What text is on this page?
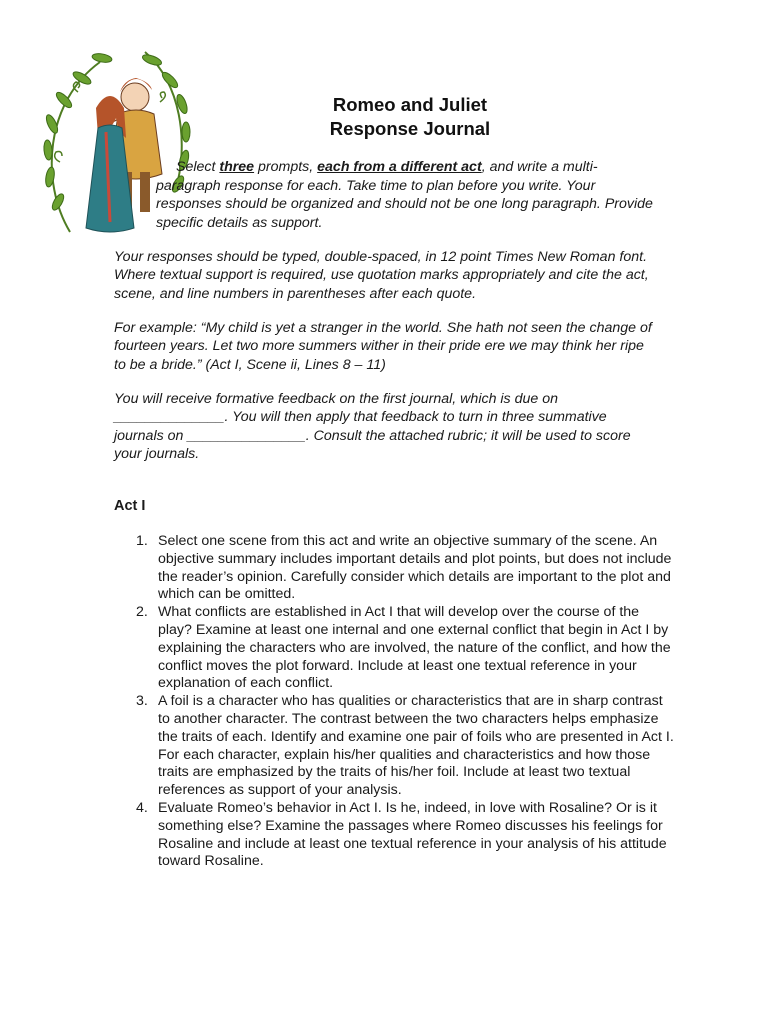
Romeo and Juliet
Response Journal
Select three prompts, each from a different act, and write a multi-
paragraph response for each. Take time to plan before you write. Your responses should be organized and should not be one long paragraph. Provide specific details as support.

Your responses should be typed, double-spaced, in 12 point Times New Roman font. Where textual support is required, use quotation marks appropriately and cite the act, scene, and line numbers in parentheses after each quote.

For example: “My child is yet a stranger in the world. She hath not seen the change of fourteen years. Let two more summers wither in their pride ere we may think her ripe to be a bride.” (Act I, Scene ii, Lines 8 – 11)

You will receive formative feedback on the first journal, which is due on ______________. You will then apply that feedback to turn in three summative journals on _______________. Consult the attached rubric; it will be used to score your journals.

Act I
1. Select one scene from this act and write an objective summary of the scene. An objective summary includes important details and plot points, but does not include the reader’s opinion. Carefully consider which details are important to the plot and which can be omitted.
2. What conflicts are established in Act I that will develop over the course of the play? Examine at least one internal and one external conflict that begin in Act I by explaining the characters who are involved, the nature of the conflict, and how the conflict moves the plot forward. Include at least one textual reference in your explanation of each conflict.
3. A foil is a character who has qualities or characteristics that are in sharp contrast to another character. The contrast between the two characters helps emphasize the traits of each. Identify and examine one pair of foils who are presented in Act I. For each character, explain his/her qualities and characteristics and how those traits are emphasized by the traits of his/her foil. Include at least two textual references as support of your analysis.
4. Evaluate Romeo’s behavior in Act I. Is he, indeed, in love with Rosaline? Or is it something else? Examine the passages where Romeo discusses his feelings for Rosaline and include at least one textual reference in your analysis of his attitude toward Rosaline.
